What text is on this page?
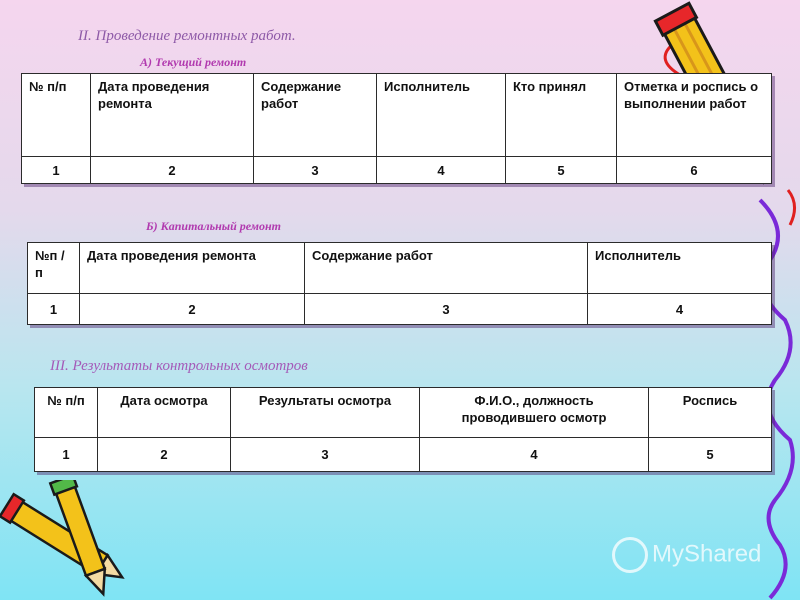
II. Проведение ремонтных работ.
А) Текущий ремонт
Б) Капитальный ремонт
III. Результаты контрольных осмотров
№ п/п	Дата проведения ремонта	Содержание работ	Исполнитель	Кто принял	Отметка и роспись о выполнении работ
1	2	3	4	5	6
№п /п	Дата проведения ремонта	Содержание работ	Исполнитель
1	2	3	4
№ п/п	Дата осмотра	Результаты осмотра	Ф.И.О., должность проводившего осмотр	Роспись
1	2	3	4	5
MyShared
